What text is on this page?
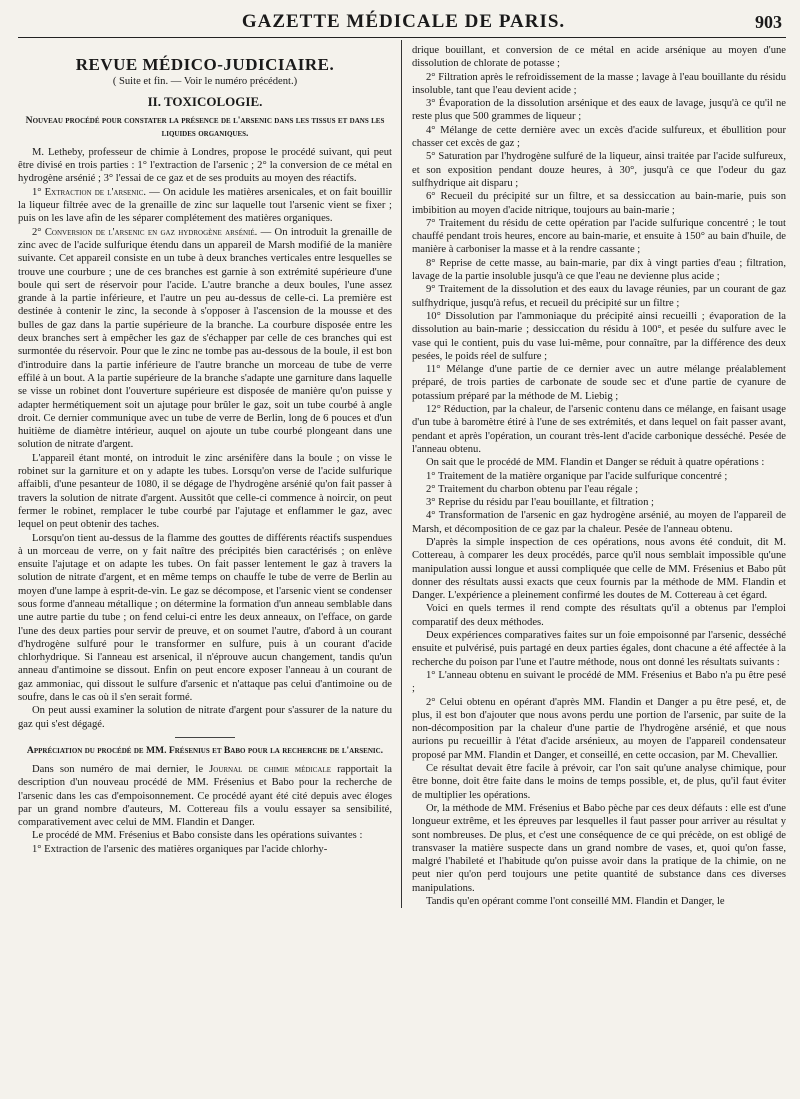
GAZETTE MÉDICALE DE PARIS.	903
REVUE MÉDICO-JUDICIAIRE.
( Suite et fin. — Voir le numéro précédent.)
II. TOXICOLOGIE.
Nouveau procédé pour constater la présence de l'arsenic dans les tissus et dans les liquides organiques.

M. Letheby, professeur de chimie à Londres, propose le procédé suivant, qui peut être divisé en trois parties : 1° l'extraction de l'arsenic ; 2° la conversion de ce métal en hydrogène arsénié ; 3° l'essai de ce gaz et de ses produits au moyen des réactifs.

1° Extraction de l'arsenic. — On acidule les matières arsenicales, et on fait bouillir la liqueur filtrée avec de la grenaille de zinc sur laquelle tout l'arsenic vient se fixer ; puis on les lave afin de les séparer complétement des matières organiques.

2° Conversion de l'arsenic en gaz hydrogène arsénié. — On introduit la grenaille de zinc avec de l'acide sulfurique étendu dans un appareil de Marsh modifié de la manière suivante. Cet appareil consiste en un tube à deux branches verticales entre lesquelles se trouve une courbure ; une de ces branches est garnie à son extrémité supérieure d'une boule qui sert de réservoir pour l'acide. L'autre branche a deux boules, l'une assez grande à la partie inférieure, et l'autre un peu au-dessus de celle-ci. La première est destinée à contenir le zinc, la seconde à s'opposer à l'ascension de la mousse et des bulles de gaz dans la partie supérieure de la branche. La courbure disposée entre les deux branches sert à empêcher les gaz de s'échapper par celle de ces branches qui est surmontée du réservoir. Pour que le zinc ne tombe pas au-dessous de la boule, il est bon d'introduire dans la partie inférieure de l'autre branche un morceau de tube de verre effilé à un bout. A la partie supérieure de la branche s'adapte une garniture dans laquelle se visse un robinet dont l'ouverture supérieure est disposée de manière qu'on puisse y adapter hermétiquement soit un ajutage pour brûler le gaz, soit un tube courbé à angle droit. Ce dernier communique avec un tube de verre de Berlin, long de 6 pouces et d'un huitième de diamètre intérieur, auquel on ajoute un tube courbé plongeant dans une solution de nitrate d'argent.

L'appareil étant monté, on introduit le zinc arsénifère dans la boule ; on visse le robinet sur la garniture et on y adapte les tubes. Lorsqu'on verse de l'acide sulfurique affaibli, d'une pesanteur de 1080, il se dégage de l'hydrogène arsénié qu'on fait passer à travers la solution de nitrate d'argent. Aussitôt que celle-ci commence à noircir, on peut fermer le robinet, remplacer le tube courbé par l'ajutage et enflammer le gaz, avec lequel on peut obtenir des taches.

Lorsqu'on tient au-dessus de la flamme des gouttes de différents réactifs suspendues à un morceau de verre, on y fait naître des précipités bien caractérisés ; on enlève ensuite l'ajutage et on adapte les tubes. On fait passer lentement le gaz à travers la solution de nitrate d'argent, et en même temps on chauffe le tube de verre de Berlin au moyen d'une lampe à esprit-de-vin. Le gaz se décompose, et l'arsenic vient se condenser sous forme d'anneau métallique ; on détermine la formation d'un anneau semblable dans une autre partie du tube ; on fend celui-ci entre les deux anneaux, on l'efface, on garde l'une des deux parties pour servir de preuve, et on soumet l'autre, d'abord à un courant d'hydrogène sulfuré pour le transformer en sulfure, puis à un courant d'acide chlorhydrique. Si l'anneau est arsenical, il n'éprouve aucun changement, tandis qu'un anneau d'antimoine se dissout. Enfin on peut encore exposer l'anneau à un courant de gaz ammoniac, qui dissout le sulfure d'arsenic et n'attaque pas celui d'antimoine ou de soufre, dans le cas où il s'en serait formé.

On peut aussi examiner la solution de nitrate d'argent pour s'assurer de la nature du gaz qui s'est dégagé.

Appréciation du procédé de MM. Frésenius et Babo pour la recherche de l'arsenic.

Dans son numéro de mai dernier, le Journal de chimie médicale rapportait la description d'un nouveau procédé de MM. Frésenius et Babo pour la recherche de l'arsenic dans les cas d'empoisonnement. Ce procédé ayant été cité depuis avec éloges par un grand nombre d'auteurs, M. Cottereau fils a voulu essayer sa sensibilité, comparativement avec celui de MM. Flandin et Danger.

Le procédé de MM. Frésenius et Babo consiste dans les opérations suivantes :

1° Extraction de l'arsenic des matières organiques par l'acide chlorhy-

drique bouillant, et conversion de ce métal en acide arsénique au moyen d'une dissolution de chlorate de potasse ;

2° Filtration après le refroidissement de la masse ; lavage à l'eau bouillante du résidu insoluble, tant que l'eau devient acide ;

3° Évaporation de la dissolution arsénique et des eaux de lavage, jusqu'à ce qu'il ne reste plus que 500 grammes de liqueur ;

4° Mélange de cette dernière avec un excès d'acide sulfureux, et ébullition pour chasser cet excès de gaz ;

5° Saturation par l'hydrogène sulfuré de la liqueur, ainsi traitée par l'acide sulfureux, et son exposition pendant douze heures, à 30°, jusqu'à ce que l'odeur du gaz sulfhydrique ait disparu ;

6° Recueil du précipité sur un filtre, et sa dessiccation au bain-marie, puis son imbibition au moyen d'acide nitrique, toujours au bain-marie ;

7° Traitement du résidu de cette opération par l'acide sulfurique concentré ; le tout chauffé pendant trois heures, encore au bain-marie, et ensuite à 150° au bain d'huile, de manière à carboniser la masse et à la rendre cassante ;

8° Reprise de cette masse, au bain-marie, par dix à vingt parties d'eau ; filtration, lavage de la partie insoluble jusqu'à ce que l'eau ne devienne plus acide ;

9° Traitement de la dissolution et des eaux du lavage réunies, par un courant de gaz sulfhydrique, jusqu'à refus, et recueil du précipité sur un filtre ;

10° Dissolution par l'ammoniaque du précipité ainsi recueilli ; évaporation de la dissolution au bain-marie ; dessiccation du résidu à 100°, et pesée du sulfure avec le vase qui le contient, puis du vase lui-même, pour connaître, par la différence des deux pesées, le poids réel de sulfure ;

11° Mélange d'une partie de ce dernier avec un autre mélange préalablement préparé, de trois parties de carbonate de soude sec et d'une partie de cyanure de potassium préparé par la méthode de M. Liebig ;

12° Réduction, par la chaleur, de l'arsenic contenu dans ce mélange, en faisant usage d'un tube à baromètre étiré à l'une de ses extrémités, et dans lequel on fait passer avant, pendant et après l'opération, un courant très-lent d'acide carbonique desséché. Pesée de l'anneau obtenu.

On sait que le procédé de MM. Flandin et Danger se réduit à quatre opérations :

1° Traitement de la matière organique par l'acide sulfurique concentré ;

2° Traitement du charbon obtenu par l'eau régale ;

3° Reprise du résidu par l'eau bouillante, et filtration ;

4° Transformation de l'arsenic en gaz hydrogène arsénié, au moyen de l'appareil de Marsh, et décomposition de ce gaz par la chaleur. Pesée de l'anneau obtenu.

D'après la simple inspection de ces opérations, nous avons été conduit, dit M. Cottereau, à comparer les deux procédés, parce qu'il nous semblait impossible qu'une manipulation aussi longue et aussi compliquée que celle de MM. Frésenius et Babo pût donner des résultats aussi exacts que ceux fournis par la méthode de MM. Flandin et Danger. L'expérience a pleinement confirmé les doutes de M. Cottereau à cet égard.

Voici en quels termes il rend compte des résultats qu'il a obtenus par l'emploi comparatif des deux méthodes.

Deux expériences comparatives faites sur un foie empoisonné par l'arsenic, desséché ensuite et pulvérisé, puis partagé en deux parties égales, dont chacune a été affectée à la recherche du poison par l'une et l'autre méthode, nous ont donné les résultats suivants :

1° L'anneau obtenu en suivant le procédé de MM. Frésenius et Babo n'a pu être pesé ;

2° Celui obtenu en opérant d'après MM. Flandin et Danger a pu être pesé, et, de plus, il est bon d'ajouter que nous avons perdu une portion de l'arsenic, par suite de la non-décomposition par la chaleur d'une partie de l'hydrogène arsénié, et que nous aurions pu recueillir à l'état d'acide arsénieux, au moyen de l'appareil condensateur proposé par MM. Flandin et Danger, et conseillé, en cette occasion, par M. Chevallier.

Ce résultat devait être facile à prévoir, car l'on sait qu'une analyse chimique, pour être bonne, doit être faite dans le moins de temps possible, et, de plus, qu'il faut éviter de multiplier les opérations.

Or, la méthode de MM. Frésenius et Babo pèche par ces deux défauts : elle est d'une longueur extrême, et les épreuves par lesquelles il faut passer pour arriver au résultat y sont nombreuses. De plus, et c'est une conséquence de ce qui précède, on est obligé de transvaser la matière suspecte dans un grand nombre de vases, et, quoi qu'on fasse, malgré l'habileté et l'habitude qu'on puisse avoir dans la pratique de la chimie, on ne peut nier qu'on perd toujours une petite quantité de substance dans ces diverses manipulations.

Tandis qu'en opérant comme l'ont conseillé MM. Flandin et Danger, le
